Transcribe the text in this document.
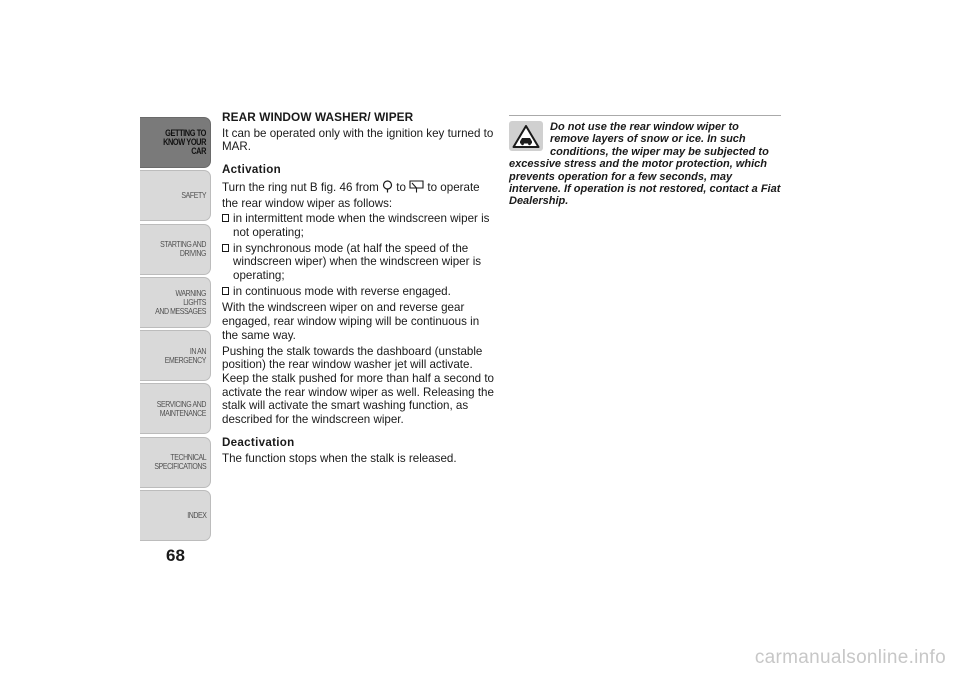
GETTING TO
KNOW YOUR CAR
SAFETY
STARTING AND
DRIVING
WARNING LIGHTS
AND MESSAGES
IN AN EMERGENCY
SERVICING AND
MAINTENANCE
TECHNICAL
SPECIFICATIONS
INDEX
68
REAR WINDOW WASHER/ WIPER

It can be operated only with the ignition key turned to MAR.

Activation

Turn the ring nut B fig. 46 from to to operate the rear window wiper as follows:

in intermittent mode when the windscreen wiper is not operating;
in synchronous mode (at half the speed of the windscreen wiper) when the windscreen wiper is operating;
in continuous mode with reverse engaged.

With the windscreen wiper on and reverse gear engaged, rear window wiping will be continuous in the same way.

Pushing the stalk towards the dashboard (unstable position) the rear window washer jet will activate. Keep the stalk pushed for more than half a second to activate the rear window wiper as well. Releasing the stalk will activate the smart washing function, as described for the windscreen wiper.

Deactivation

The function stops when the stalk is released.

Do not use the rear window wiper to remove layers of snow or ice. In such conditions, the wiper may be subjected to excessive stress and the motor protection, which prevents operation for a few seconds, may intervene. If operation is not restored, contact a Fiat Dealership.

carmanualsonline.info
